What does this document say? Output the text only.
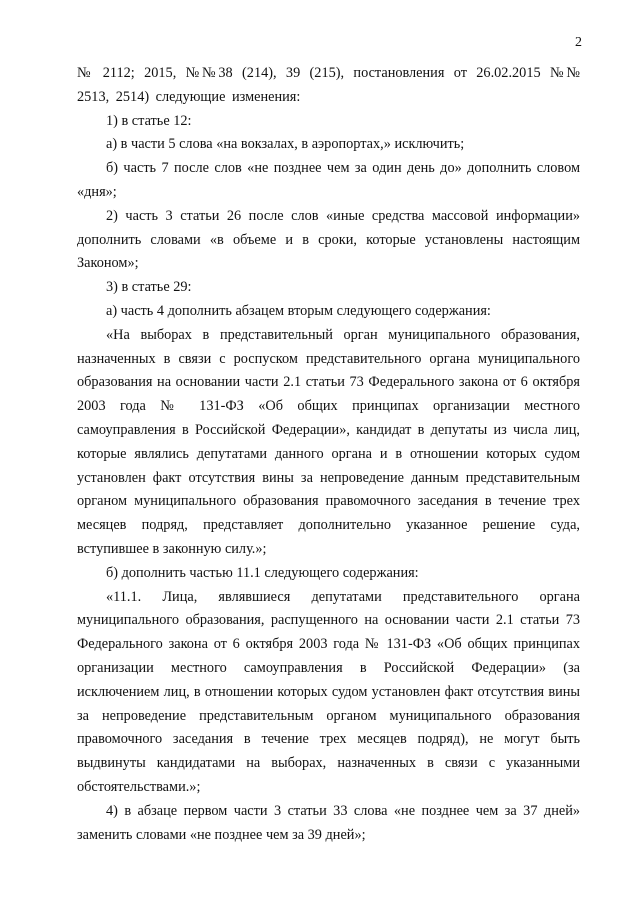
2

№ 2112; 2015, №№38 (214), 39 (215), постановления от 26.02.2015 №№ 2513, 2514) следующие изменения:

1) в статье 12:

а) в части 5 слова «на вокзалах, в аэропортах,» исключить;

б) часть 7 после слов «не позднее чем за один день до» дополнить словом «дня»;

2) часть 3 статьи 26 после слов «иные средства массовой информации» дополнить словами «в объеме и в сроки, которые установлены настоящим Законом»;

3) в статье 29:

а) часть 4 дополнить абзацем вторым следующего содержания:

«На выборах в представительный орган муниципального образования, назначенных в связи с роспуском представительного органа муниципального образования на основании части 2.1 статьи 73 Федерального закона от 6 октября 2003 года № 131-ФЗ «Об общих принципах организации местного самоуправления в Российской Федерации», кандидат в депутаты из числа лиц, которые являлись депутатами данного органа и в отношении которых судом установлен факт отсутствия вины за непроведение данным представительным органом муниципального образования правомочного заседания в течение трех месяцев подряд, представляет дополнительно указанное решение суда, вступившее в законную силу.»;

б) дополнить частью 11.1 следующего содержания:

«11.1. Лица, являвшиеся депутатами представительного органа муниципального образования, распущенного на основании части 2.1 статьи 73 Федерального закона от 6 октября 2003 года № 131-ФЗ «Об общих принципах организации местного самоуправления в Российской Федерации» (за исключением лиц, в отношении которых судом установлен факт отсутствия вины за непроведение представительным органом муниципального образования правомочного заседания в течение трех месяцев подряд), не могут быть выдвинуты кандидатами на выборах, назначенных в связи с указанными обстоятельствами.»;

4) в абзаце первом части 3 статьи 33 слова «не позднее чем за 37 дней» заменить словами «не позднее чем за 39 дней»;
